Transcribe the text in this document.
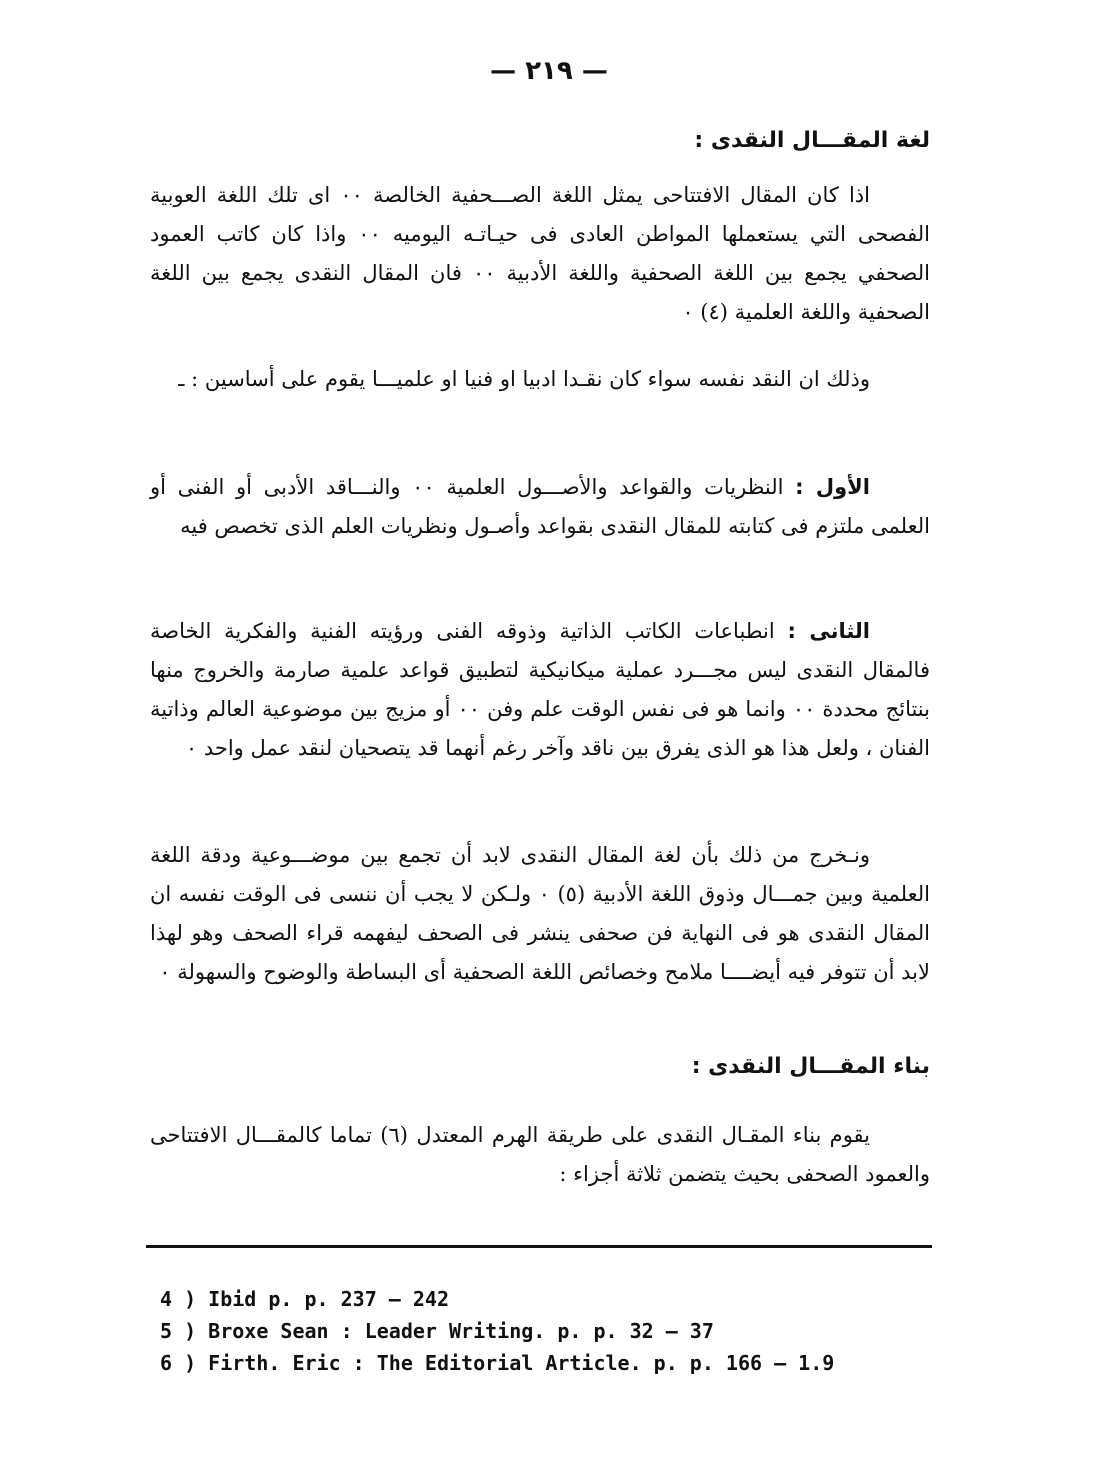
— ٢١٩ —
لغة المقـــال النقدى :

اذا كان المقال الافتتاحى يمثل اللغة الصـــحفية الخالصة ٠٠ اى تلك اللغة العوبية الفصحى التي يستعملها المواطن العادى فى حيـاتـه اليوميه ٠٠ واذا كان كاتب العمود الصحفي يجمع بين اللغة الصحفية واللغة الأدبية ٠٠ فان المقال النقدى يجمع بين اللغة الصحفية واللغة العلمية (٤) ٠

وذلك ان النقد نفسه سواء كان نقـدا ادبيا او فنيا او علميـــا يقوم على أساسين : ـ

الأول : النظريات والقواعد والأصـــول العلمية ٠٠ والنـــاقد الأدبى أو الفنى أو العلمى ملتزم فى كتابته للمقال النقدى بقواعد وأصـول ونظريات العلم الذى تخصص فيه

الثانى : انطباعات الكاتب الذاتية وذوقه الفنى ورؤيته الفنية والفكرية الخاصة فالمقال النقدى ليس مجـــرد عملية ميكانيكية لتطبيق قواعد علمية صارمة والخروج منها بنتائج محددة ٠٠ وانما هو فى نفس الوقت علم وفن ٠٠ أو مزيج بين موضوعية العالم وذاتية الفنان ، ولعل هذا هو الذى يفرق بين ناقد وآخر رغم أنهما قد يتصحيان لنقد عمل واحد ٠

ونـخرج من ذلك بأن لغة المقال النقدى لابد أن تجمع بين موضـــوعية ودقة اللغة العلمية وبين جمـــال وذوق اللغة الأدبية (٥) ٠ ولـكن لا يجب أن ننسى فى الوقت نفسه ان المقال النقدى هو فى النهاية فن صحفى ينشر فى الصحف ليفهمه قراء الصحف وهو لهذا لابد أن تتوفر فيه أيضــــا ملامح وخصائص اللغة الصحفية أى البساطة والوضوح والسهولة ٠

بناء المقـــال النقدى :

يقوم بناء المقـال النقدى على طريقة الهرم المعتدل (٦) تماما كالمقـــال الافتتاحى والعمود الصحفى بحيث يتضمن ثلاثة أجزاء :

4 ) Ibid p. p. 237 — 242
5 ) Broxe Sean : Leader Writing. p. p. 32 – 37
6 ) Firth. Eric : The Editorial Article. p. p. 166 — 1.9
